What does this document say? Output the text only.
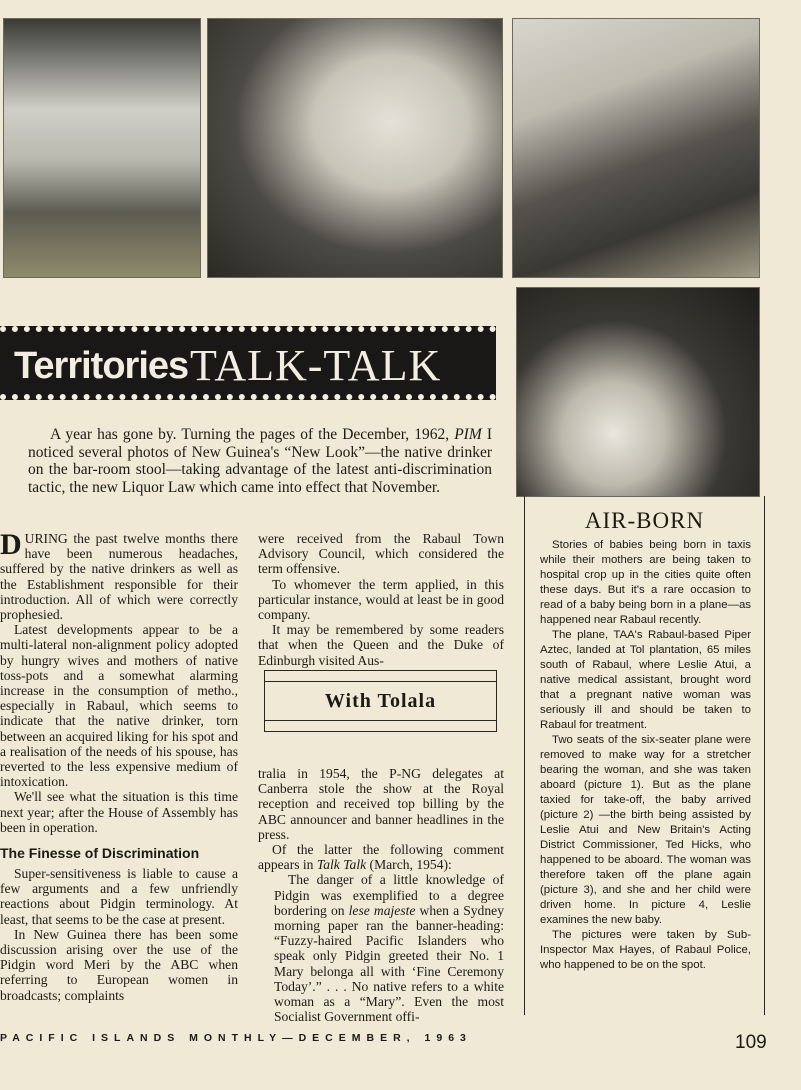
Territories TALK-TALK
A year has gone by. Turning the pages of the December, 1962, PIM I noticed several photos of New Guinea's “New Look”—the native drinker on the bar-room stool—taking advantage of the latest anti-discrimination tactic, the new Liquor Law which came into effect that November.

DURING the past twelve months there have been numerous headaches, suffered by the native drinkers as well as the Establishment responsible for their introduction. All of which were correctly prophesied.

Latest developments appear to be a multi-lateral non-alignment policy adopted by hungry wives and mothers of native toss-pots and a somewhat alarming increase in the consumption of metho., especially in Rabaul, which seems to indicate that the native drinker, torn between an acquired liking for his spot and a realisation of the needs of his spouse, has reverted to the less expensive medium of intoxication.

We'll see what the situation is this time next year; after the House of Assembly has been in operation.

The Finesse of Discrimination

Super-sensitiveness is liable to cause a few arguments and a few unfriendly reactions about Pidgin terminology. At least, that seems to be the case at present.

In New Guinea there has been some discussion arising over the use of the Pidgin word Meri by the ABC when referring to European women in broadcasts; complaints

were received from the Rabaul Town Advisory Council, which considered the term offensive.

To whomever the term applied, in this particular instance, would at least be in good company.

It may be remembered by some readers that when the Queen and the Duke of Edinburgh visited Aus-

With Tolala

tralia in 1954, the P-NG delegates at Canberra stole the show at the Royal reception and received top billing by the ABC announcer and banner headlines in the press.

Of the latter the following comment appears in Talk Talk (March, 1954):

The danger of a little knowledge of Pidgin was exemplified to a degree bordering on lese majeste when a Sydney morning paper ran the banner-heading: “Fuzzy-haired Pacific Islanders who speak only Pidgin greeted their No. 1 Mary belonga all with ‘Fine Ceremony Today’.” . . . No native refers to a white woman as a “Mary”. Even the most Socialist Government offi-

AIR-BORN

Stories of babies being born in taxis while their mothers are being taken to hospital crop up in the cities quite often these days. But it's a rare occasion to read of a baby being born in a plane—as happened near Rabaul recently.

The plane, TAA's Rabaul-based Piper Aztec, landed at Tol plantation, 65 miles south of Rabaul, where Leslie Atui, a native medical assistant, brought word that a pregnant native woman was seriously ill and should be taken to Rabaul for treatment.

Two seats of the six-seater plane were removed to make way for a stretcher bearing the woman, and she was taken aboard (picture 1). But as the plane taxied for take-off, the baby arrived (picture 2) —the birth being assisted by Leslie Atui and New Britain's Acting District Commissioner, Ted Hicks, who happened to be aboard. The woman was therefore taken off the plane again (picture 3), and she and her child were driven home. In picture 4, Leslie examines the new baby.

The pictures were taken by Sub-Inspector Max Hayes, of Rabaul Police, who happened to be on the spot.

PACIFIC ISLANDS MONTHLY—DECEMBER, 1963	109
